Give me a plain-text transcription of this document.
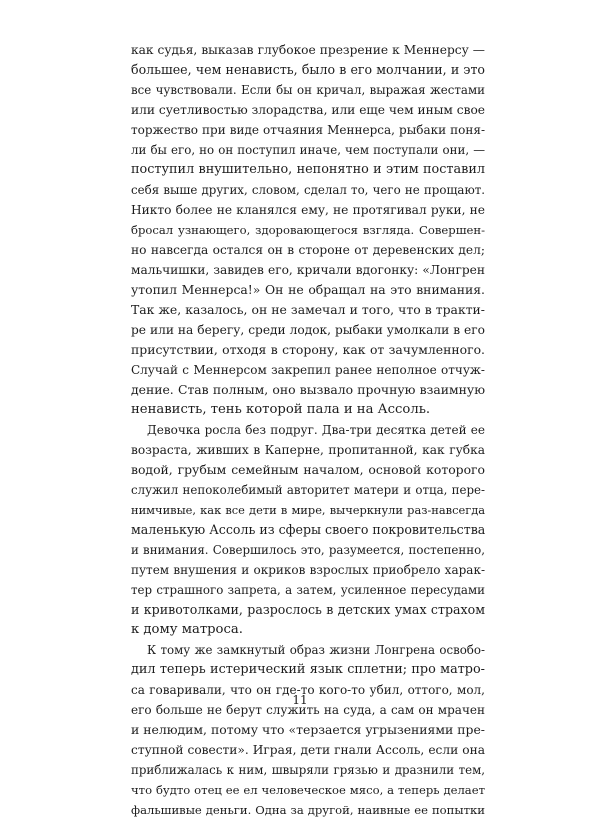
как судья, выказав глубокое презрение к Меннерсу —
большее, чем ненависть, было в его молчании, и это
все чувствовали. Если бы он кричал, выражая жестами
или суетливостью злорадства, или еще чем иным свое
торжество при виде отчаяния Меннерса, рыбаки поня-
ли бы его, но он поступил иначе, чем поступали они, —
поступил внушительно, непонятно и этим поставил
себя выше других, словом, сделал то, чего не прощают.
Никто более не кланялся ему, не протягивал руки, не
бросал узнающего, здоровающегося взгляда. Совершен-
но навсегда остался он в стороне от деревенских дел;
мальчишки, завидев его, кричали вдогонку: «Лонгрен
утопил Меннерса!» Он не обращал на это внимания.
Так же, казалось, он не замечал и того, что в тракти-
ре или на берегу, среди лодок, рыбаки умолкали в его
присутствии, отходя в сторону, как от зачумленного.
Случай с Меннерсом закрепил ранее неполное отчуж-
дение. Став полным, оно вызвало прочную взаимную
ненависть, тень которой пала и на Ассоль.
Девочка росла без подруг. Два-три десятка детей ее
возраста, живших в Каперне, пропитанной, как губка
водой, грубым семейным началом, основой которого
служил непоколебимый авторитет матери и отца, пере-
нимчивые, как все дети в мире, вычеркнули раз-навсегда
маленькую Ассоль из сферы своего покровительства
и внимания. Совершилось это, разумеется, постепенно,
путем внушения и окриков взрослых приобрело харак-
тер страшного запрета, а затем, усиленное пересудами
и кривотолками, разрослось в детских умах страхом
к дому матроса.
К тому же замкнутый образ жизни Лонгрена освобо-
дил теперь истерический язык сплетни; про матро-
са говаривали, что он где-то кого-то убил, оттого, мол,
его больше не берут служить на суда, а сам он мрачен
и нелюдим, потому что «терзается угрызениями пре-
ступной совести». Играя, дети гнали Ассоль, если она
приближалась к ним, швыряли грязью и дразнили тем,
что будто отец ее ел человеческое мясо, а теперь делает
фальшивые деньги. Одна за другой, наивные ее попытки
11
